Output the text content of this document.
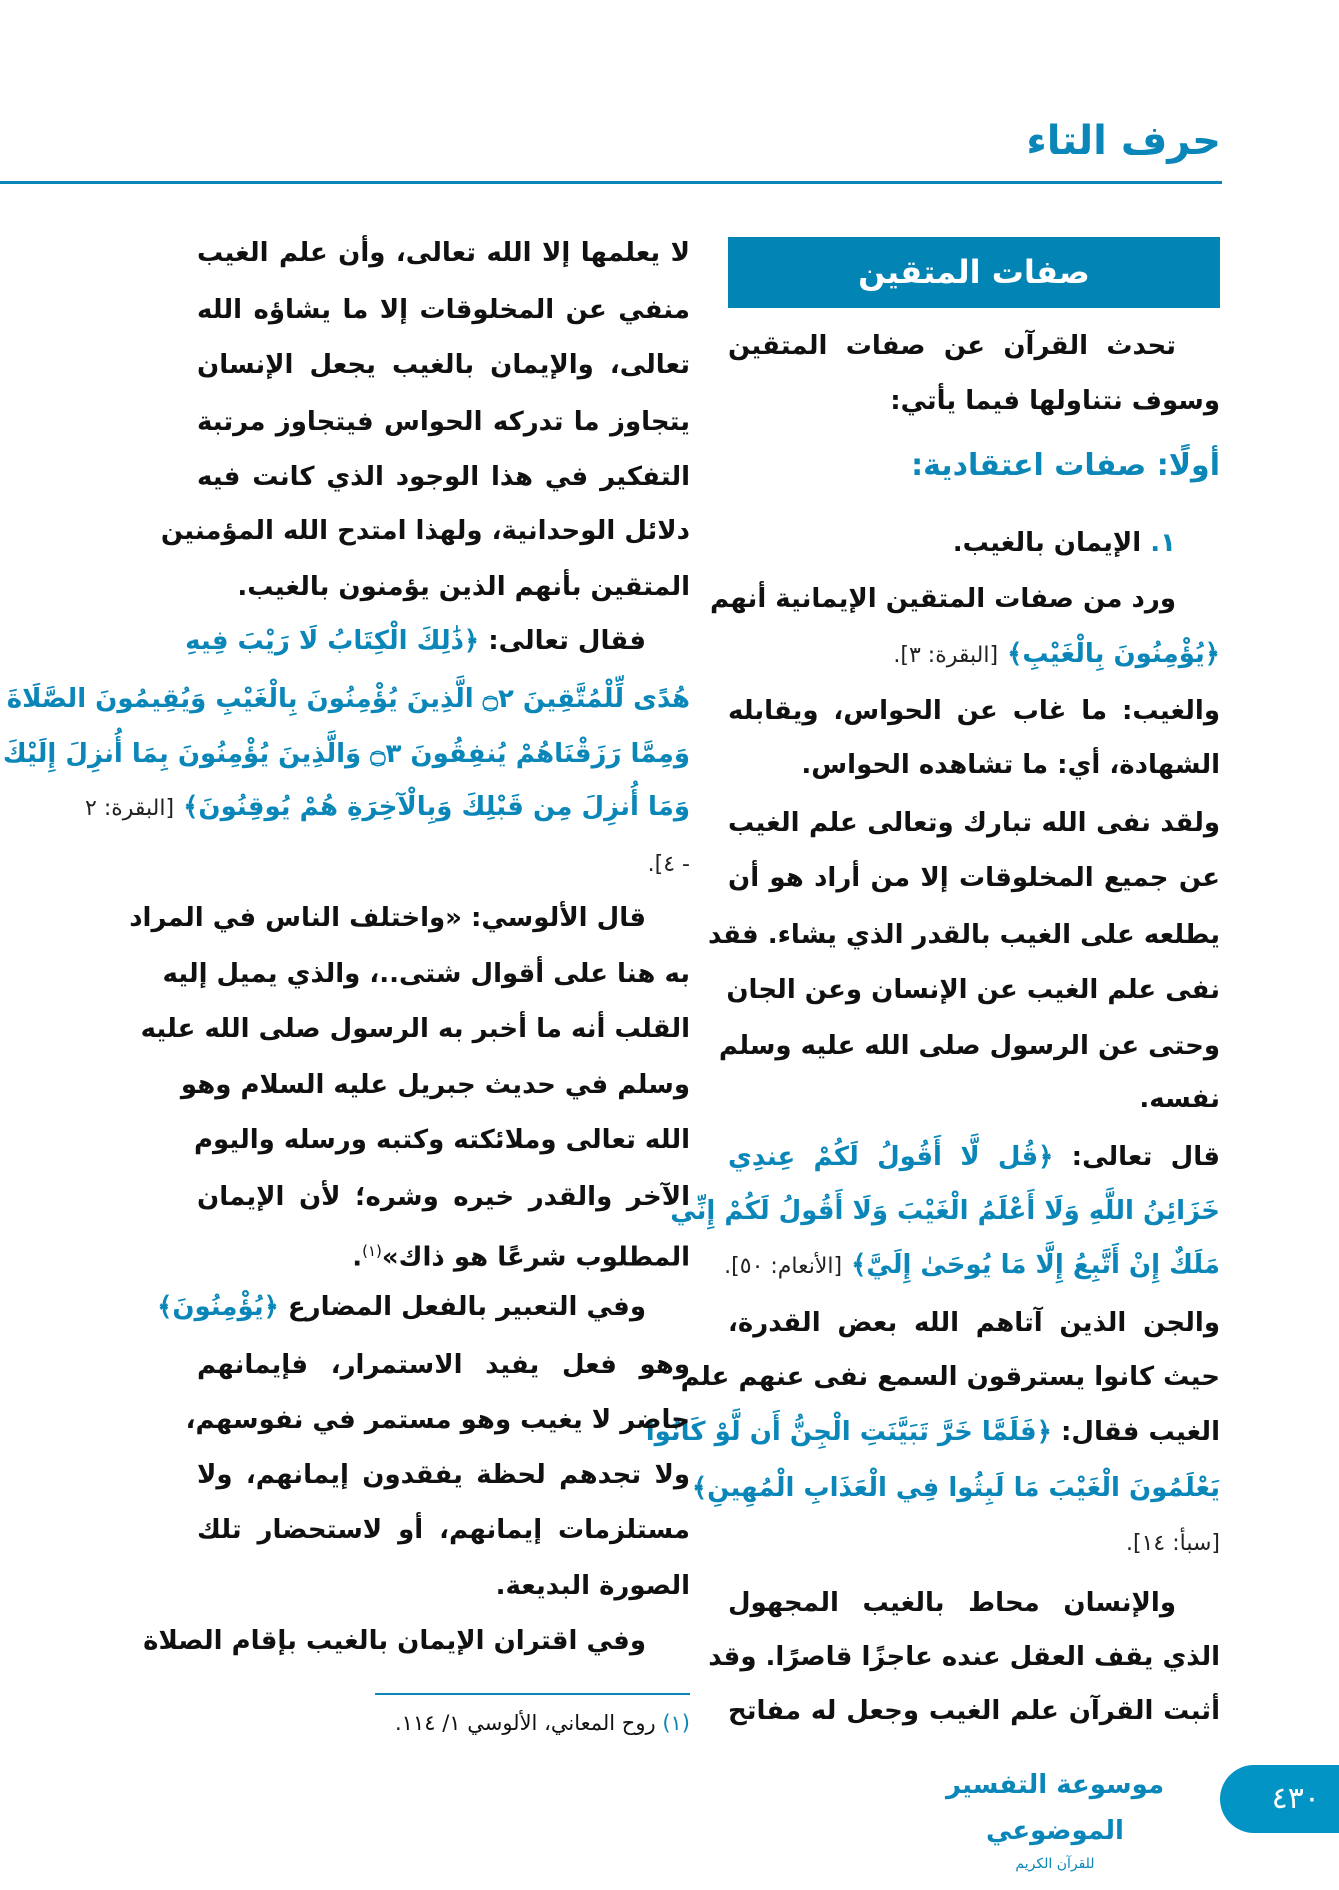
حرف التاء
صفات المتقين
تحدث القرآن عن صفات المتقين
وسوف نتناولها فيما يأتي:
أولًا: صفات اعتقادية:
١. الإيمان بالغيب.
ورد من صفات المتقين الإيمانية أنهم
﴿يُؤْمِنُونَ بِالْغَيْبِ﴾ [البقرة: ٣].
والغيب: ما غاب عن الحواس، ويقابله
الشهادة، أي: ما تشاهده الحواس.
ولقد نفى الله تبارك وتعالى علم الغيب
عن جميع المخلوقات إلا من أراد هو أن
يطلعه على الغيب بالقدر الذي يشاء. فقد
نفى علم الغيب عن الإنسان وعن الجان
وحتى عن الرسول صلى الله عليه وسلم
نفسه.
قال تعالى: ﴿قُل لَّا أَقُولُ لَكُمْ عِندِي
خَزَائِنُ اللَّهِ وَلَا أَعْلَمُ الْغَيْبَ وَلَا أَقُولُ لَكُمْ إِنِّي
مَلَكٌ إِنْ أَتَّبِعُ إِلَّا مَا يُوحَىٰ إِلَيَّ﴾ [الأنعام: ٥٠].
والجن الذين آتاهم الله بعض القدرة،
حيث كانوا يسترقون السمع نفى عنهم علم
الغيب فقال: ﴿فَلَمَّا خَرَّ تَبَيَّنَتِ الْجِنُّ أَن لَّوْ كَانُوا
يَعْلَمُونَ الْغَيْبَ مَا لَبِثُوا فِي الْعَذَابِ الْمُهِينِ﴾
[سبأ: ١٤].
والإنسان محاط بالغيب المجهول
الذي يقف العقل عنده عاجزًا قاصرًا. وقد
أثبت القرآن علم الغيب وجعل له مفاتح
لا يعلمها إلا الله تعالى، وأن علم الغيب
منفي عن المخلوقات إلا ما يشاؤه الله
تعالى، والإيمان بالغيب يجعل الإنسان
يتجاوز ما تدركه الحواس فيتجاوز مرتبة
التفكير في هذا الوجود الذي كانت فيه
دلائل الوحدانية، ولهذا امتدح الله المؤمنين
المتقين بأنهم الذين يؤمنون بالغيب.
فقال تعالى: ﴿ذَٰلِكَ الْكِتَابُ لَا رَيْبَ فِيهِ
هُدًى لِّلْمُتَّقِينَ ۝٢ الَّذِينَ يُؤْمِنُونَ بِالْغَيْبِ وَيُقِيمُونَ الصَّلَاةَ
وَمِمَّا رَزَقْنَاهُمْ يُنفِقُونَ ۝٣ وَالَّذِينَ يُؤْمِنُونَ بِمَا أُنزِلَ إِلَيْكَ
وَمَا أُنزِلَ مِن قَبْلِكَ وَبِالْآخِرَةِ هُمْ يُوقِنُونَ﴾ [البقرة: ٢
- ٤].
قال الألوسي: «واختلف الناس في المراد
به هنا على أقوال شتى..، والذي يميل إليه
القلب أنه ما أخبر به الرسول صلى الله عليه
وسلم في حديث جبريل عليه السلام وهو
الله تعالى وملائكته وكتبه ورسله واليوم
الآخر والقدر خيره وشره؛ لأن الإيمان
المطلوب شرعًا هو ذاك»$^{(١)}$.
وفي التعبير بالفعل المضارع ﴿يُؤْمِنُونَ﴾
وهو فعل يفيد الاستمرار، فإيمانهم
حاضر لا يغيب وهو مستمر في نفوسهم،
ولا تجدهم لحظة يفقدون إيمانهم، ولا
مستلزمات إيمانهم، أو لاستحضار تلك
الصورة البديعة.
وفي اقتران الإيمان بالغيب بإقام الصلاة
(١) روح المعاني، الألوسي ١/ ١١٤.
موسوعة التفسير الموضوعي
للقرآن الكريم
٤٣٠
